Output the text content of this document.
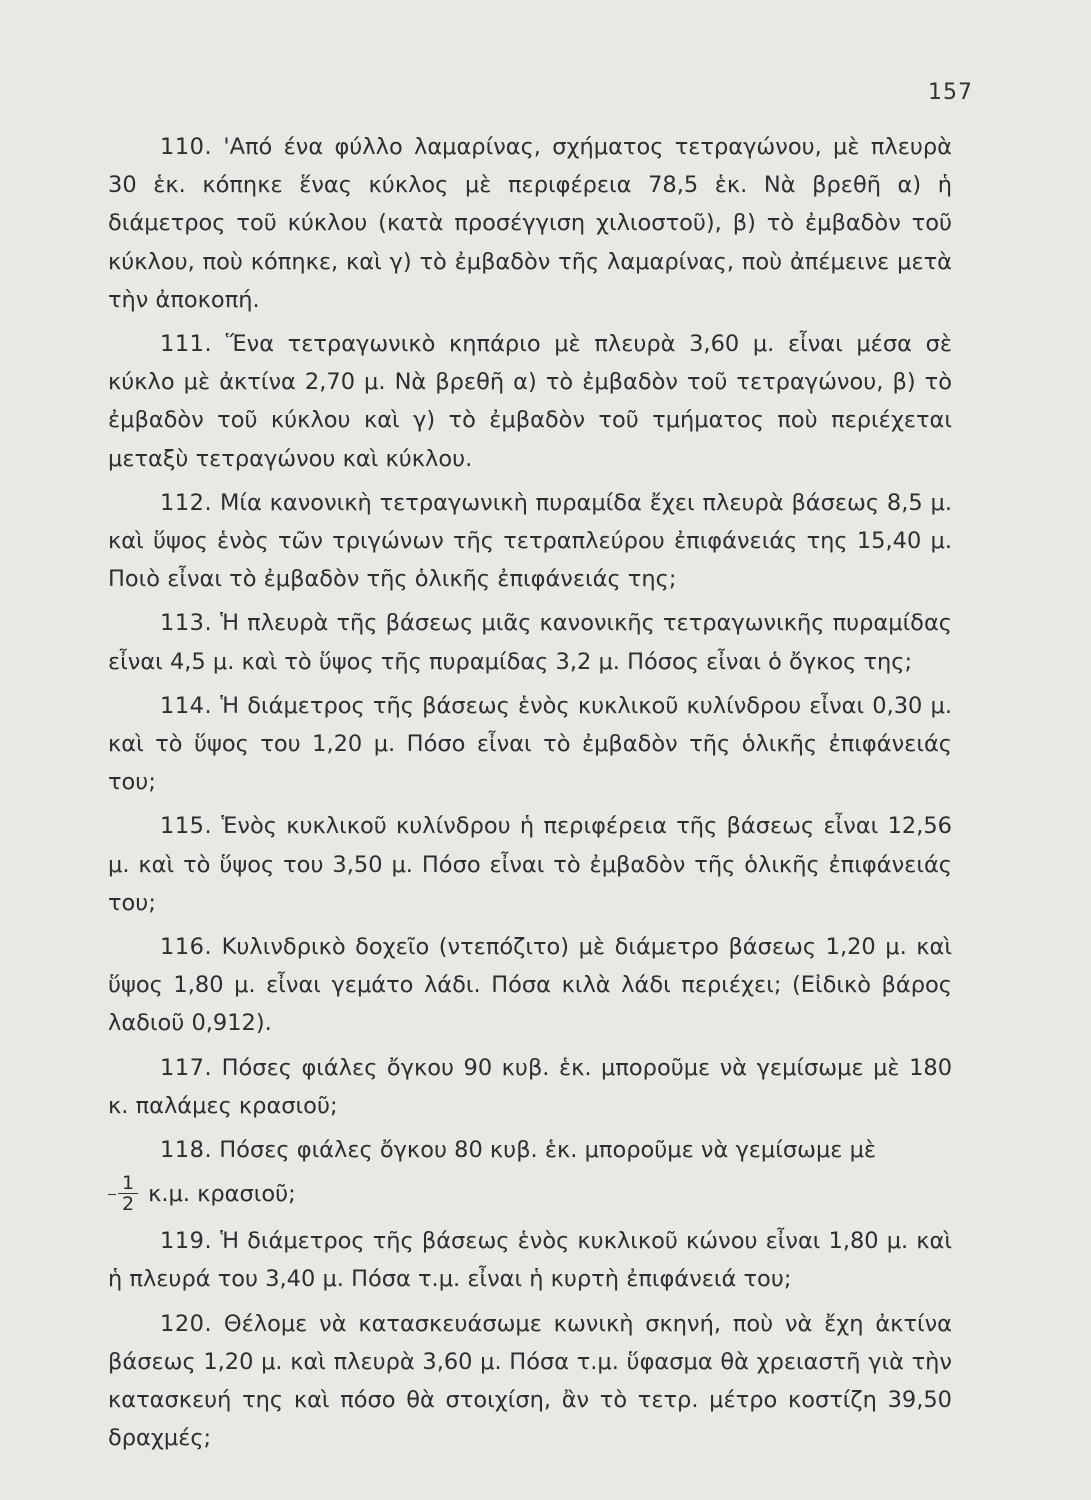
157

110. 'Από ένα φύλλο λαμαρίνας, σχήματος τετραγώνου, μὲ πλευρὰ 30 ἑκ. κόπηκε ἕνας κύκλος μὲ περιφέρεια 78,5 ἑκ. Νὰ βρεθῆ α) ἡ διάμετρος τοῦ κύκλου (κατὰ προσέγγιση χιλιοστοῦ), β) τὸ ἐμβαδὸν τοῦ κύκλου, ποὺ κόπηκε, καὶ γ) τὸ ἐμβαδὸν τῆς λαμαρίνας, ποὺ ἀπέμεινε μετὰ τὴν ἀποκοπή.

111. Ἕνα τετραγωνικὸ κηπάριο μὲ πλευρὰ 3,60 μ. εἶναι μέσα σὲ κύκλο μὲ ἀκτίνα 2,70 μ. Νὰ βρεθῆ α) τὸ ἐμβαδὸν τοῦ τετραγώνου, β) τὸ ἐμβαδὸν τοῦ κύκλου καὶ γ) τὸ ἐμβαδὸν τοῦ τμήματος ποὺ περιέχεται μεταξὺ τετραγώνου καὶ κύκλου.

112. Μία κανονικὴ τετραγωνικὴ πυραμίδα ἔχει πλευρὰ βάσεως 8,5 μ. καὶ ὕψος ἑνὸς τῶν τριγώνων τῆς τετραπλεύρου ἐπιφάνειάς της 15,40 μ. Ποιὸ εἶναι τὸ ἐμβαδὸν τῆς ὁλικῆς ἐπιφάνειάς της;

113. Ἡ πλευρὰ τῆς βάσεως μιᾶς κανονικῆς τετραγωνικῆς πυραμίδας εἶναι 4,5 μ. καὶ τὸ ὕψος τῆς πυραμίδας 3,2 μ. Πόσος εἶναι ὁ ὄγκος της;

114. Ἡ διάμετρος τῆς βάσεως ἑνὸς κυκλικοῦ κυλίνδρου εἶναι 0,30 μ. καὶ τὸ ὕψος του 1,20 μ. Πόσο εἶναι τὸ ἐμβαδὸν τῆς ὁλικῆς ἐπιφάνειάς του;

115. Ἑνὸς κυκλικοῦ κυλίνδρου ἡ περιφέρεια τῆς βάσεως εἶναι 12,56 μ. καὶ τὸ ὕψος του 3,50 μ. Πόσο εἶναι τὸ ἐμβαδὸν τῆς ὁλικῆς ἐπιφάνειάς του;

116. Κυλινδρικὸ δοχεῖο (ντεπόζιτο) μὲ διάμετρο βάσεως 1,20 μ. καὶ ὕψος 1,80 μ. εἶναι γεμάτο λάδι. Πόσα κιλὰ λάδι περιέχει; (Εἰδικὸ βάρος λαδιοῦ 0,912).

117. Πόσες φιάλες ὄγκου 90 κυβ. ἑκ. μποροῦμε νὰ γεμίσωμε μὲ 180 κ. παλάμες κρασιοῦ;

118. Πόσες φιάλες ὄγκου 80 κυβ. ἑκ. μποροῦμε νὰ γεμίσωμε μὲ

$\frac{1}{2} \kappa.\mu$. κρασιοῦ;

119. Ἡ διάμετρος τῆς βάσεως ἑνὸς κυκλικοῦ κώνου εἶναι 1,80 μ. καὶ ἡ πλευρά του 3,40 μ. Πόσα τ.μ. εἶναι ἡ κυρτὴ ἐπιφάνειά του;

120. Θέλομε νὰ κατασκευάσωμε κωνικὴ σκηνή, ποὺ νὰ ἔχη ἀκτίνα βάσεως 1,20 μ. καὶ πλευρὰ 3,60 μ. Πόσα τ.μ. ὕφασμα θὰ χρειαστῆ γιὰ τὴν κατασκευή της καὶ πόσο θὰ στοιχίση, ἂν τὸ τετρ. μέτρο κοστίζη 39,50 δραχμές;
